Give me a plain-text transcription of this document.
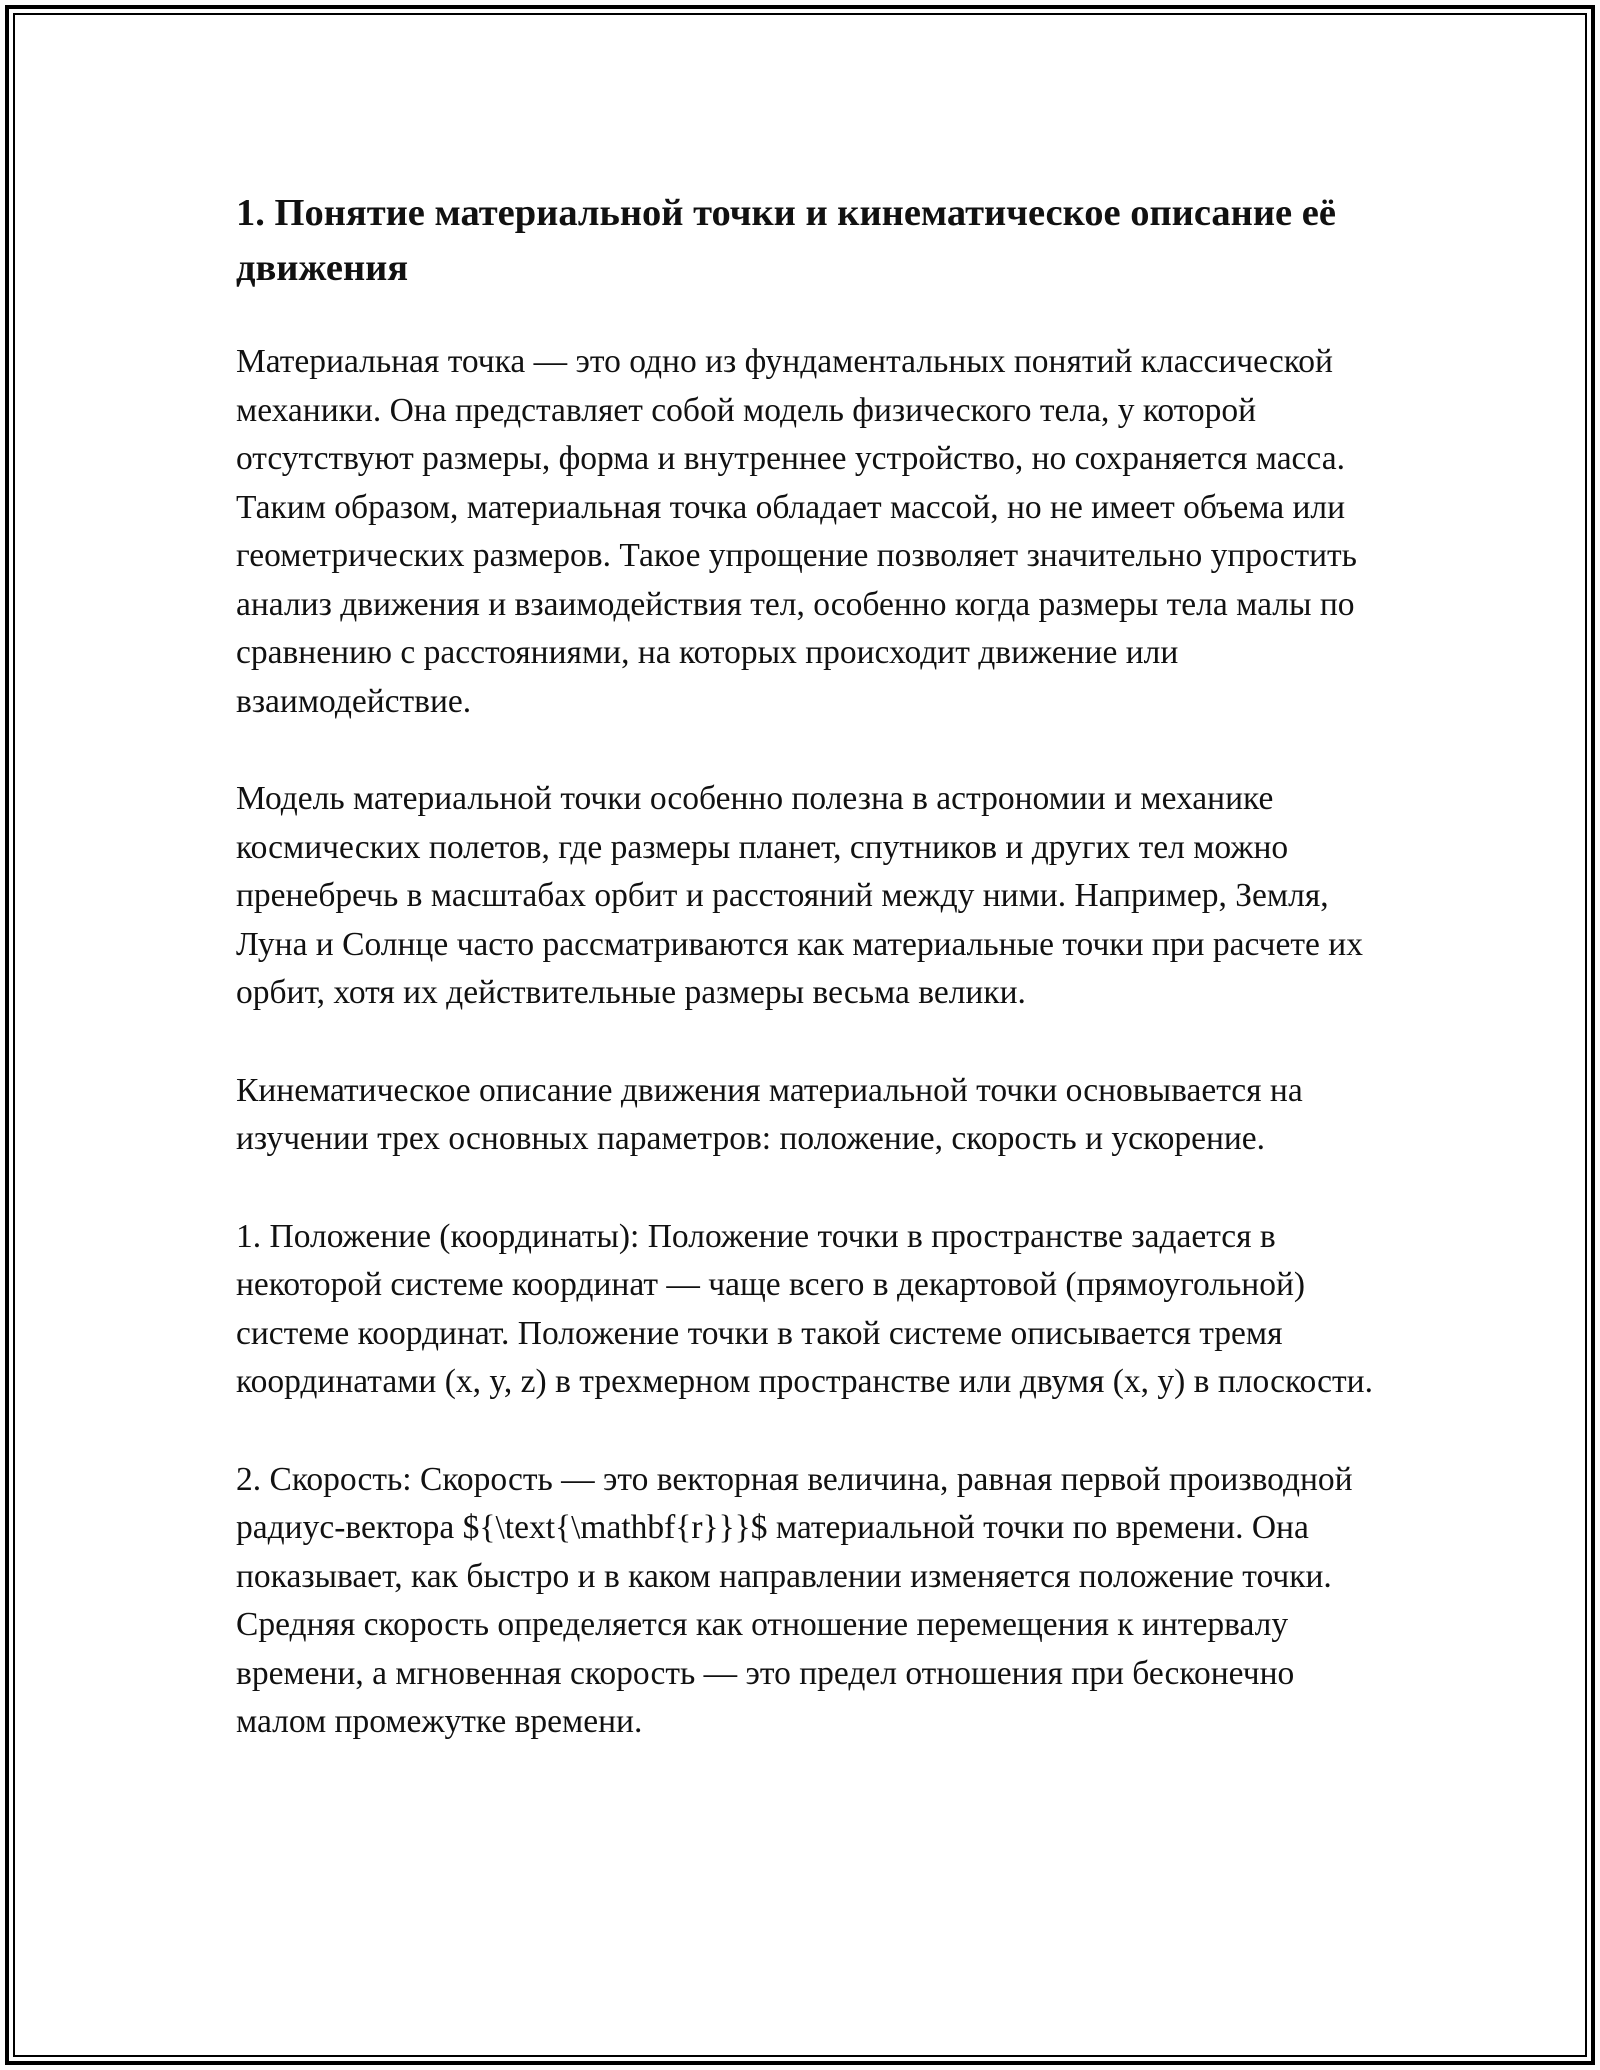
1. Понятие материальной точки и кинематическое описание её движения

Материальная точка — это одно из фундаментальных понятий классической механики. Она представляет собой модель физического тела, у которой отсутствуют размеры, форма и внутреннее устройство, но сохраняется масса. Таким образом, материальная точка обладает массой, но не имеет объема или геометрических размеров. Такое упрощение позволяет значительно упростить анализ движения и взаимодействия тел, особенно когда размеры тела малы по сравнению с расстояниями, на которых происходит движение или взаимодействие.

Модель материальной точки особенно полезна в астрономии и механике космических полетов, где размеры планет, спутников и других тел можно пренебречь в масштабах орбит и расстояний между ними. Например, Земля, Луна и Солнце часто рассматриваются как материальные точки при расчете их орбит, хотя их действительные размеры весьма велики.

Кинематическое описание движения материальной точки основывается на изучении трех основных параметров: положение, скорость и ускорение.

1. Положение (координаты): Положение точки в пространстве задается в некоторой системе координат — чаще всего в декартовой (прямоугольной) системе координат. Положение точки в такой системе описывается тремя координатами (x, y, z) в трехмерном пространстве или двумя (x, y) в плоскости.

2. Скорость: Скорость — это векторная величина, равная первой производной радиус-вектора ${\text{\mathbf{r}}}$ материальной точки по времени. Она показывает, как быстро и в каком направлении изменяется положение точки. Средняя скорость определяется как отношение перемещения к интервалу времени, а мгновенная скорость — это предел отношения при бесконечно малом промежутке времени.
